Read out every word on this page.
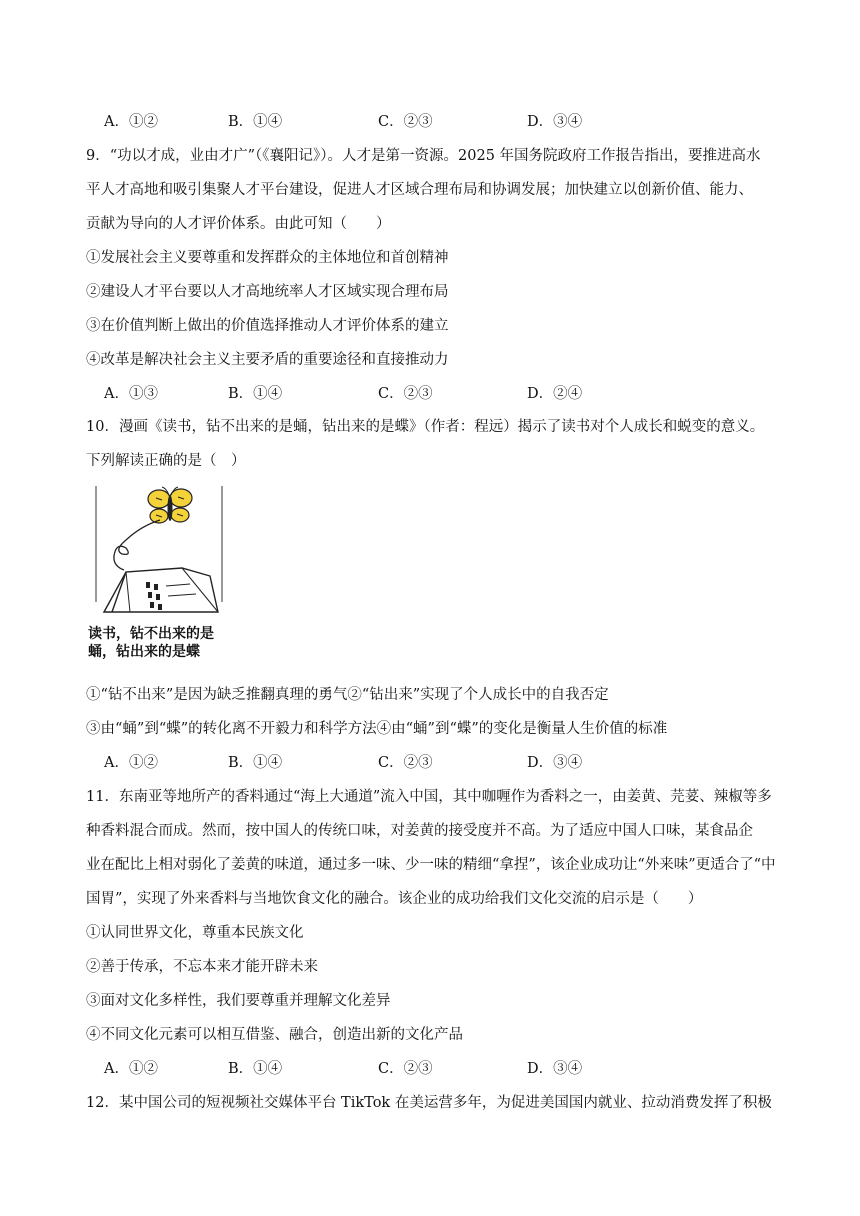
A．①②	B．①④	C．②③	D．③④
9．“功以才成，业由才广”（《襄阳记》）。人才是第一资源。2025 年国务院政府工作报告指出，要推进高水
平人才高地和吸引集聚人才平台建设，促进人才区域合理布局和协调发展；加快建立以创新价值、能力、
贡献为导向的人才评价体系。由此可知（　　）
①发展社会主义要尊重和发挥群众的主体地位和首创精神
②建设人才平台要以人才高地统率人才区域实现合理布局
③在价值判断上做出的价值选择推动人才评价体系的建立
④改革是解决社会主义主要矛盾的重要途径和直接推动力
A．①③	B．①④	C．②③	D．②④
10．漫画《读书，钻不出来的是蛹，钻出来的是蝶》（作者：程远）揭示了读书对个人成长和蜕变的意义。
下列解读正确的是（　）
读书，钻不出来的是
蛹，钻出来的是蝶
①“钻不出来”是因为缺乏推翻真理的勇气②“钻出来”实现了个人成长中的自我否定
③由“蛹”到“蝶”的转化离不开毅力和科学方法④由“蛹”到“蝶”的变化是衡量人生价值的标准
A．①②	B．①④	C．②③	D．③④
11．东南亚等地所产的香料通过“海上大通道”流入中国，其中咖喱作为香料之一，由姜黄、芫荽、辣椒等多
种香料混合而成。然而，按中国人的传统口味，对姜黄的接受度并不高。为了适应中国人口味，某食品企
业在配比上相对弱化了姜黄的味道，通过多一味、少一味的精细“拿捏”，该企业成功让“外来味”更适合了“中
国胃”，实现了外来香料与当地饮食文化的融合。该企业的成功给我们文化交流的启示是（　　）
①认同世界文化，尊重本民族文化
②善于传承，不忘本来才能开辟未来
③面对文化多样性，我们要尊重并理解文化差异
④不同文化元素可以相互借鉴、融合，创造出新的文化产品
A．①②	B．①④	C．②③	D．③④
12．某中国公司的短视频社交媒体平台 TikTok 在美运营多年，为促进美国国内就业、拉动消费发挥了积极
